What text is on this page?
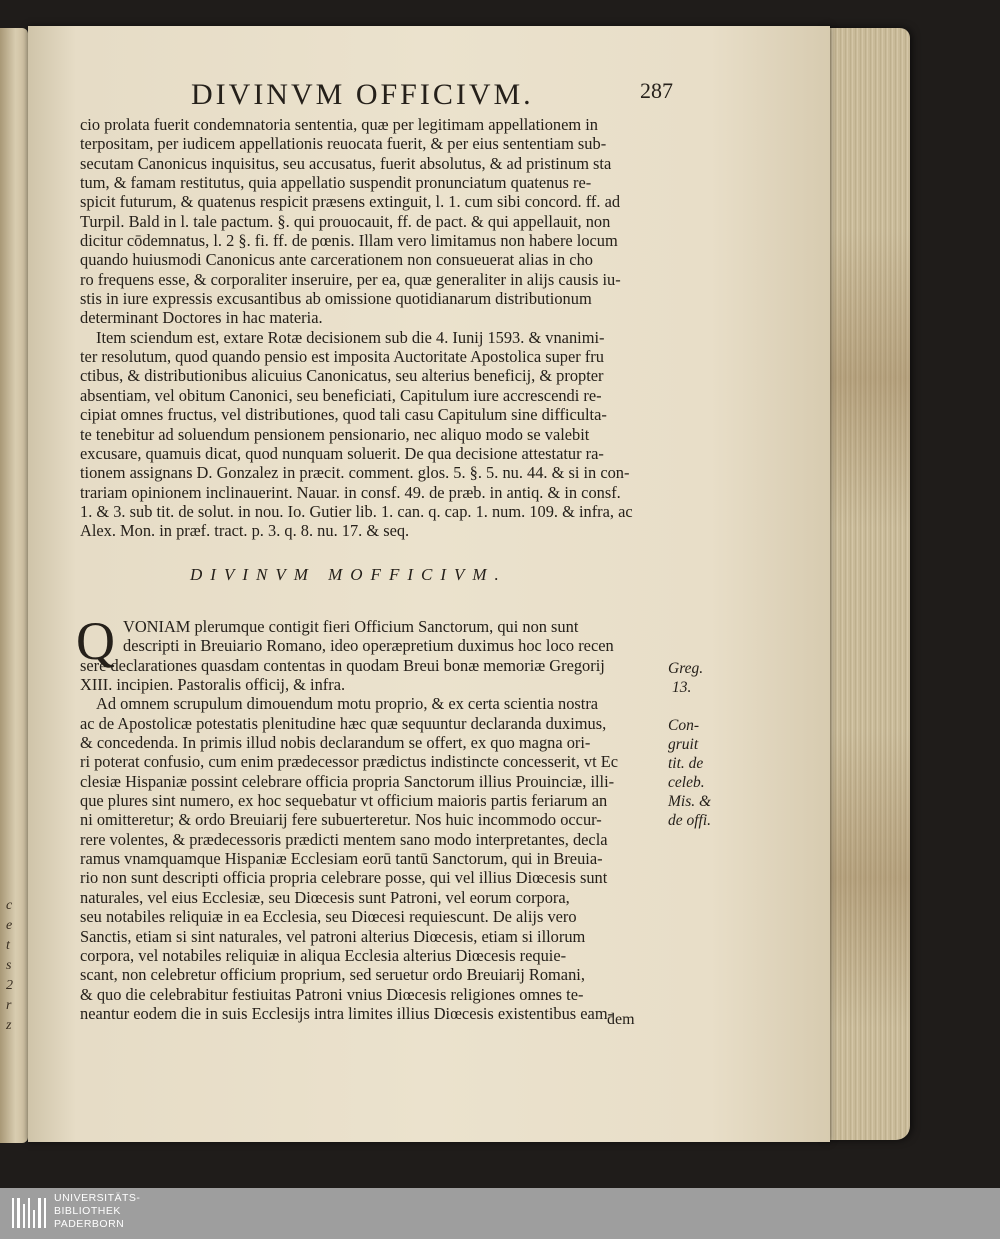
c
e
t
s
2
r
z
DIVINVM OFFICIVM.	287
cio prolata fuerit condemnatoria sententia, quæ per legitimam appellationem in
terpositam, per iudicem appellationis reuocata fuerit, & per eius sententiam sub-
secutam Canonicus inquisitus, seu accusatus, fuerit absolutus, & ad pristinum sta
tum, & famam restitutus, quia appellatio suspendit pronunciatum quatenus re-
spicit futurum, & quatenus respicit præsens extinguit, l. 1. cum sibi concord. ff. ad
Turpil. Bald in l. tale pactum. §. qui prouocauit, ff. de pact. & qui appellauit, non
dicitur cōdemnatus, l. 2 §. fi. ff. de pœnis. Illam vero limitamus non habere locum
quando huiusmodi Canonicus ante carcerationem non consueuerat alias in cho
ro frequens esse, & corporaliter inseruire, per ea, quæ generaliter in alijs causis iu-
stis in iure expressis excusantibus ab omissione quotidianarum distributionum
determinant Doctores in hac materia.
Item sciendum est, extare Rotæ decisionem sub die 4. Iunij 1593. & vnanimi-
ter resolutum, quod quando pensio est imposita Auctoritate Apostolica super fru
ctibus, & distributionibus alicuius Canonicatus, seu alterius beneficij, & propter
absentiam, vel obitum Canonici, seu beneficiati, Capitulum iure accrescendi re-
cipiat omnes fructus, vel distributiones, quod tali casu Capitulum sine difficulta-
te tenebitur ad soluendum pensionem pensionario, nec aliquo modo se valebit
excusare, quamuis dicat, quod nunquam soluerit. De qua decisione attestatur ra-
tionem assignans D. Gonzalez in præcit. comment. glos. 5. §. 5. nu. 44. & si in con-
trariam opinionem inclinauerint. Nauar. in consf. 49. de præb. in antiq. & in consf.
1. & 3. sub tit. de solut. in nou. Io. Gutier lib. 1. can. q. cap. 1. num. 109. & infra, ac
Alex. Mon. in præf. tract. p. 3. q. 8. nu. 17. & seq.
DIVINVM MOFFICIVM.
Q VONIAM plerumque contigit fieri Officium Sanctorum, qui non sunt
descripti in Breuiario Romano, ideo operæpretium duximus hoc loco recen
sere declarationes quasdam contentas in quodam Breui bonæ memoriæ Gregorij
XIII. incipien. Pastoralis officij, & infra.
Ad omnem scrupulum dimouendum motu proprio, & ex certa scientia nostra
ac de Apostolicæ potestatis plenitudine hæc quæ sequuntur declaranda duximus,
& concedenda. In primis illud nobis declarandum se offert, ex quo magna ori-
ri poterat confusio, cum enim prædecessor prædictus indistincte concesserit, vt Ec
clesiæ Hispaniæ possint celebrare officia propria Sanctorum illius Prouinciæ, illi-
que plures sint numero, ex hoc sequebatur vt officium maioris partis feriarum an
ni omitteretur; & ordo Breuiarij fere subuerteretur. Nos huic incommodo occur-
rere volentes, & prædecessoris prædicti mentem sano modo interpretantes, decla
ramus vnamquamque Hispaniæ Ecclesiam eorū tantū Sanctorum, qui in Breuia-
rio non sunt descripti officia propria celebrare posse, qui vel illius Diœcesis sunt
naturales, vel eius Ecclesiæ, seu Diœcesis sunt Patroni, vel eorum corpora,
seu notabiles reliquiæ in ea Ecclesia, seu Diœcesi requiescunt. De alijs vero
Sanctis, etiam si sint naturales, vel patroni alterius Diœcesis, etiam si illorum
corpora, vel notabiles reliquiæ in aliqua Ecclesia alterius Diœcesis requie-
scant, non celebretur officium proprium, sed seruetur ordo Breuiarij Romani,
& quo die celebrabitur festiuitas Patroni vnius Diœcesis religiones omnes te-
neantur eodem die in suis Ecclesijs intra limites illius Diœcesis existentibus eam-
dem
Greg.
13.
Con-
gruit
tit. de
celeb.
Mis. &
de offi.
UNIVERSITÄTS-
BIBLIOTHEK
PADERBORN
